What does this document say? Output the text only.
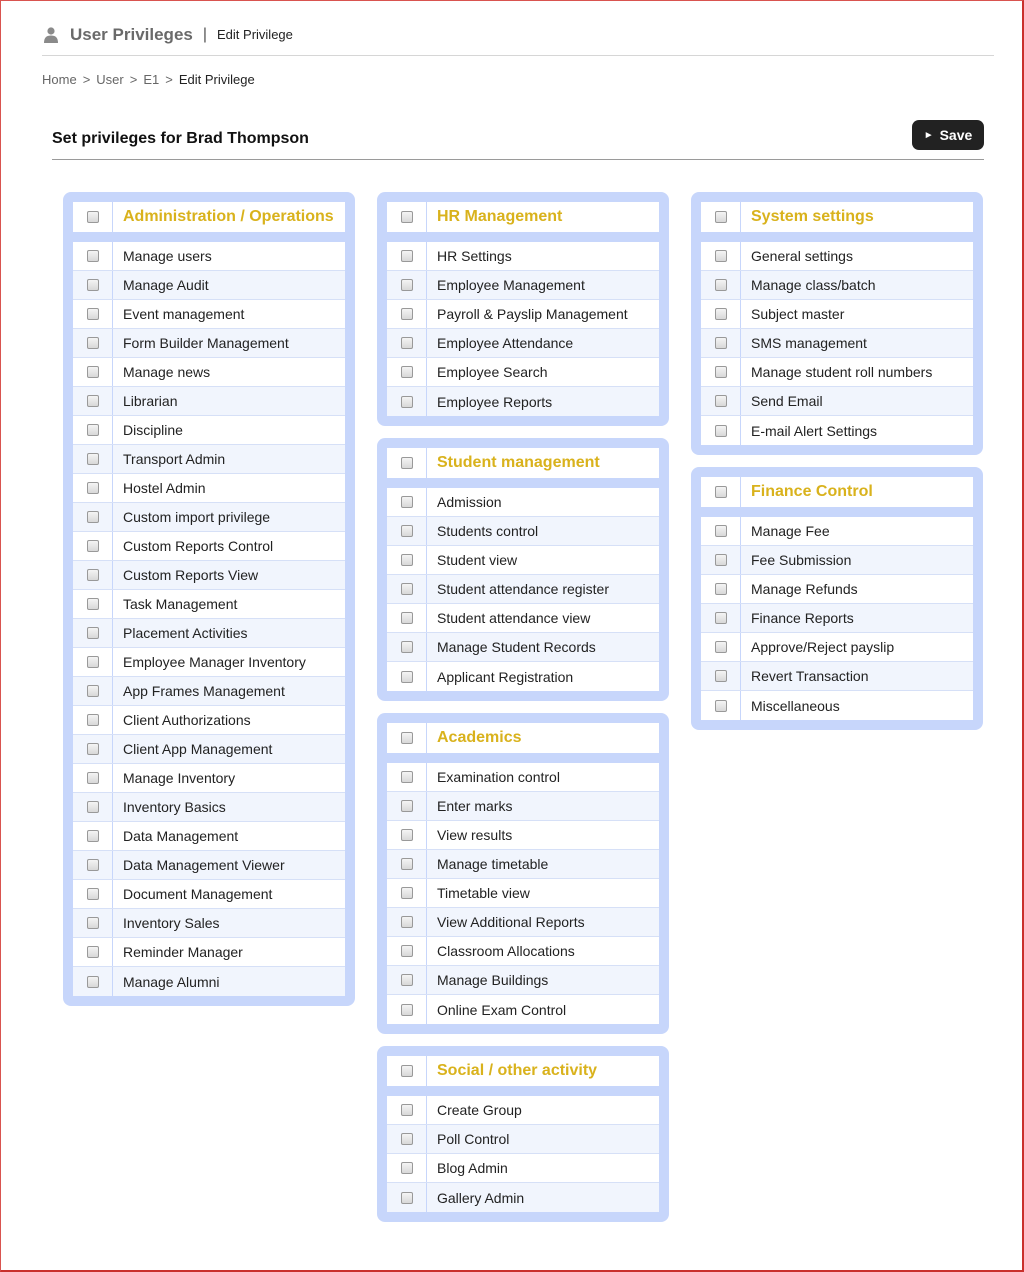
User Privileges | Edit Privilege
Home > User > E1 > Edit Privilege
Set privileges for Brad Thompson	► Save
Administration / Operations
Manage users
Manage Audit
Event management
Form Builder Management
Manage news
Librarian
Discipline
Transport Admin
Hostel Admin
Custom import privilege
Custom Reports Control
Custom Reports View
Task Management
Placement Activities
Employee Manager Inventory
App Frames Management
Client Authorizations
Client App Management
Manage Inventory
Inventory Basics
Data Management
Data Management Viewer
Document Management
Inventory Sales
Reminder Manager
Manage Alumni
HR Management
HR Settings
Employee Management
Payroll & Payslip Management
Employee Attendance
Employee Search
Employee Reports
Student management
Admission
Students control
Student view
Student attendance register
Student attendance view
Manage Student Records
Applicant Registration
Academics
Examination control
Enter marks
View results
Manage timetable
Timetable view
View Additional Reports
Classroom Allocations
Manage Buildings
Online Exam Control
Social / other activity
Create Group
Poll Control
Blog Admin
Gallery Admin
System settings
General settings
Manage class/batch
Subject master
SMS management
Manage student roll numbers
Send Email
E-mail Alert Settings
Finance Control
Manage Fee
Fee Submission
Manage Refunds
Finance Reports
Approve/Reject payslip
Revert Transaction
Miscellaneous
